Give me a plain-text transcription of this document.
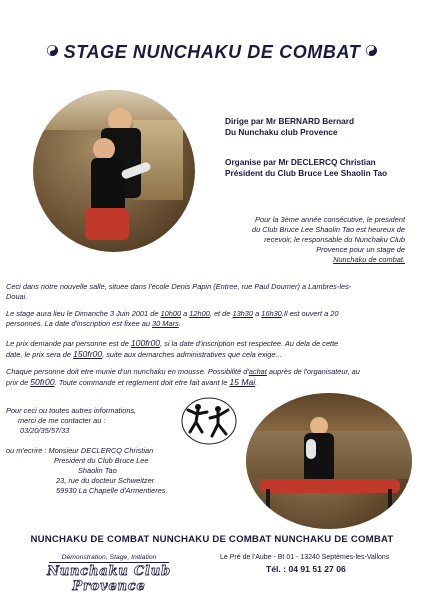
STAGE NUNCHAKU DE COMBAT
Dirige par Mr BERNARD Bernard
Du Nunchaku club Provence
Organise par Mr DECLERCQ Christian
Président du Club Bruce Lee Shaolin Tao
Pour la 3ème année consécutive, le president
du Club Bruce Lee Shaolin Tao est heureux de
recevoir, le responsable du Nunchaku Club
Provence pour un stage de
Nunchaku de combat.
Ceci dans notre nouvelle salle, situee dans l'ecole Denis Papin (Entree, rue Paul Doumer) a Lambres-les-
Douai.
Le stage aura lieu le Dimanche 3 Juin 2001 de 10h00 a 12h00, et de 13h30 a 16h30.Il est ouvert a 20
personnes. La date d'inscription est fixee au 30 Mars.
Le prix demande par personne est de 100fr00, si la date d'inscription est respectee. Au dela de cette
date, le prix sera de 150fr00, suite aux demarches administratives que cela exige...
Chaque personne doit etre munie d'un nunchaku en mousse. Possibilité d'achat auprès de l'organisateur, au
prix de 50fr00. Toute commande et reglement doit etre fait avant le 15 Mai.
Pour ceci ou toutes autres informations,
merci de me contacter au :
03/20/35/57/33
ou m'ecrire : Monsieur DECLERCQ Christian
President du Club Bruce Lee
Shaolin Tao
23, rue du docteur Schweitzer
59930 La Chapelle d'Armentieres.
NUNCHAKU DE COMBAT NUNCHAKU DE COMBAT NUNCHAKU DE COMBAT
Démonstration, Stage, Initiation
Nunchaku Club Provence
Le Pré de l'Aube - Bt 01 - 13240 Septèmes-les-Vallons
Tél. : 04 91 51 27 06
